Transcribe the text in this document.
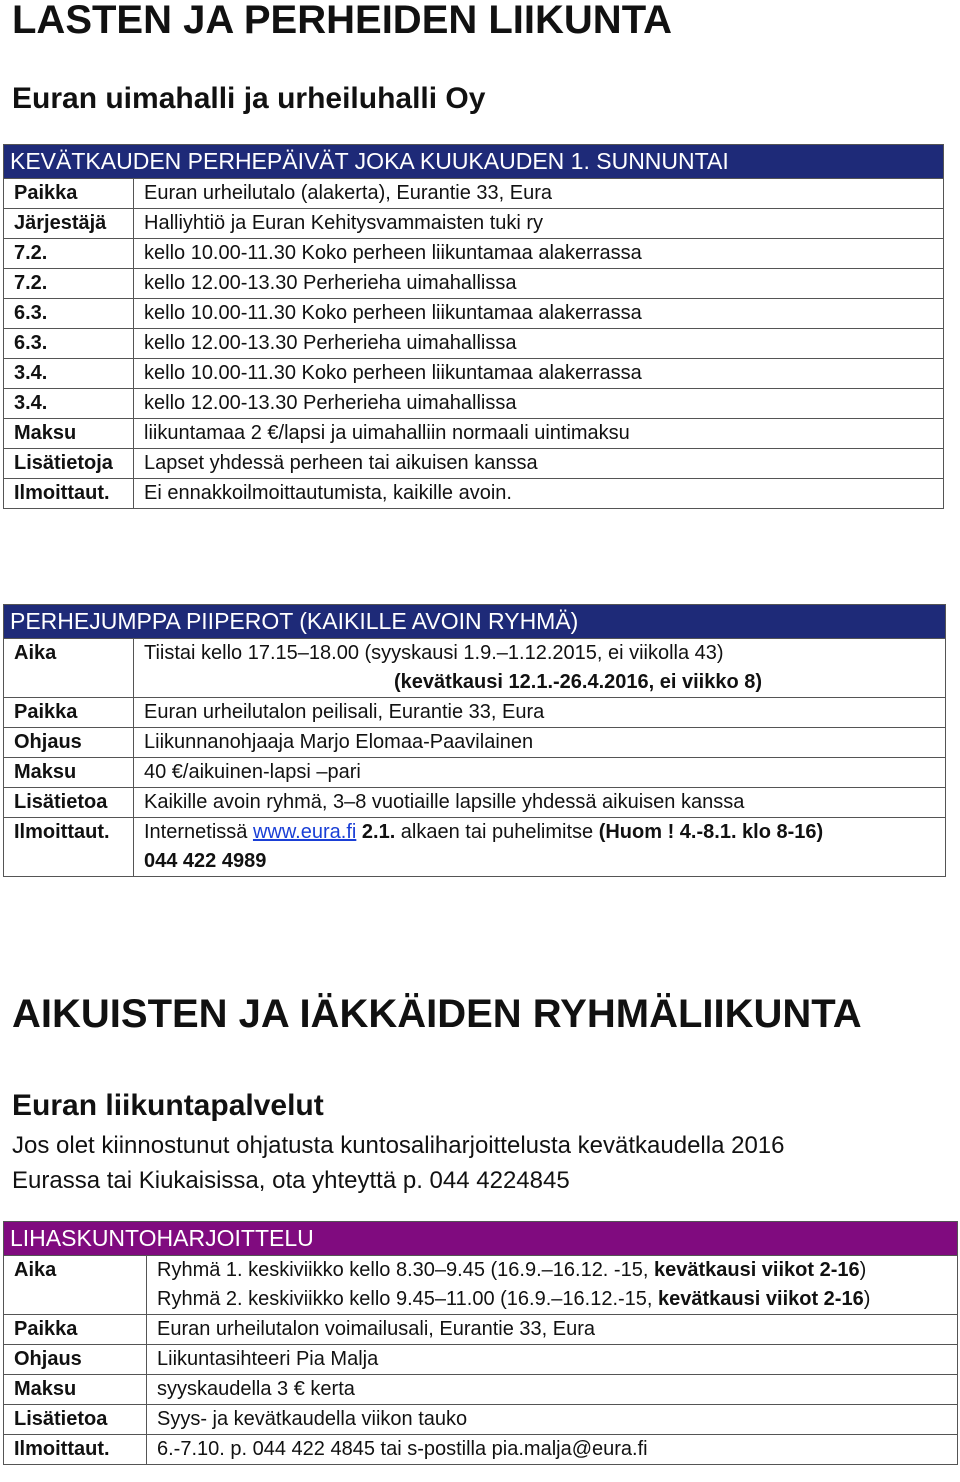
LASTEN JA PERHEIDEN LIIKUNTA
Euran uimahalli ja urheiluhalli Oy
KEVÄTKAUDEN PERHEPÄIVÄT JOKA KUUKAUDEN 1. SUNNUNTAI	
Paikka	Euran urheilutalo (alakerta), Eurantie 33, Eura
Järjestäjä	Halliyhtiö ja Euran Kehitysvammaisten tuki ry
7.2.	kello 10.00-11.30 Koko perheen liikuntamaa alakerrassa
7.2.	kello 12.00-13.30 Perherieha uimahallissa
6.3.	kello 10.00-11.30 Koko perheen liikuntamaa alakerrassa
6.3.	kello 12.00-13.30 Perherieha uimahallissa
3.4.	kello 10.00-11.30 Koko perheen liikuntamaa alakerrassa
3.4.	kello 12.00-13.30 Perherieha uimahallissa
Maksu	liikuntamaa 2 €/lapsi ja uimahalliin normaali uintimaksu
Lisätietoja	Lapset yhdessä perheen tai aikuisen kanssa
Ilmoittaut.	Ei ennakkoilmoittautumista, kaikille avoin.
PERHEJUMPPA PIIPEROT (KAIKILLE AVOIN RYHMÄ)	
Aika	Tiistai kello 17.15–18.00 (syyskausi 1.9.–1.12.2015, ei viikolla 43)
(kevätkausi 12.1.-26.4.2016, ei viikko 8)

Paikka	Euran urheilutalon peilisali, Eurantie 33, Eura
Ohjaus	Liikunnanohjaaja Marjo Elomaa-Paavilainen
Maksu	40 €/aikuinen-lapsi –pari
Lisätietoa	Kaikille avoin ryhmä, 3–8 vuotiaille lapsille yhdessä aikuisen kanssa
Ilmoittaut.	Internetissä www.eura.fi 2.1. alkaen tai puhelimitse (Huom ! 4.-8.1. klo 8-16)
044 422 4989
AIKUISTEN JA IÄKKÄIDEN RYHMÄLIIKUNTA
Euran liikuntapalvelut
Jos olet kiinnostunut ohjatusta kuntosaliharjoittelusta kevätkaudella 2016
Eurassa tai Kiukaisissa, ota yhteyttä p. 044 4224845
LIHASKUNTOHARJOITTELU	
Aika	Ryhmä 1. keskiviikko kello 8.30–9.45 (16.9.–16.12. -15, kevätkausi viikot 2-16)
Ryhmä 2. keskiviikko kello 9.45–11.00 (16.9.–16.12.-15, kevätkausi viikot 2-16)

Paikka	Euran urheilutalon voimailusali, Eurantie 33, Eura
Ohjaus	Liikuntasihteeri Pia Malja
Maksu	syyskaudella 3 € kerta
Lisätietoa	Syys- ja kevätkaudella viikon tauko
Ilmoittaut.	6.-7.10. p. 044 422 4845 tai s-postilla pia.malja@eura.fi
